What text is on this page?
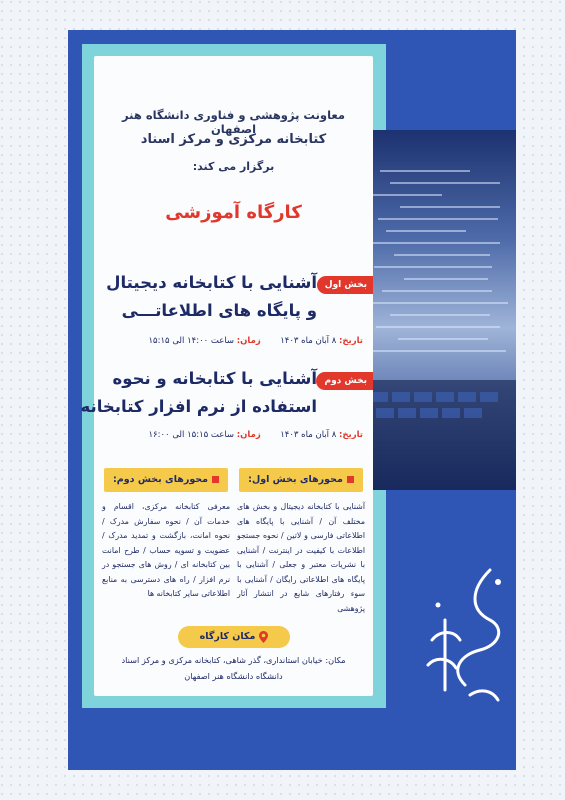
معاونت پژوهشی و فناوری دانشگاه هنر اصفهان
کتابخانه مرکزی و مرکز اسناد
برگزار می کند:
کارگاه آموزشی
بخش اول
آشنایی با کتابخانه دیجیتال
و پایگاه های اطلاعاتـــی
تاریخ: ۸ آبان ماه ۱۴۰۳  زمان: ساعت ۱۴:۰۰ الی ۱۵:۱۵
بخش دوم
آشنایی با کتابخانه و نحوه
استفاده از نرم افزار کتابخانه
تاریخ: ۸ آبان ماه ۱۴۰۳  زمان: ساعت ۱۵:۱۵ الی ۱۶:۰۰
محورهای بخش اول:
محورهای بخش دوم:
آشنایی با کتابخانه دیجیتال و بخش های مختلف آن / آشنایی با پایگاه های اطلاعاتی فارسی و لاتین / نحوه جستجو اطلاعات با کیفیت در اینترنت / آشنایی با نشریات معتبر و جعلی / آشنایی با پایگاه های اطلاعاتی رایگان / آشنایی با سوء رفتارهای شایع در انتشار آثار پژوهشی
معرفی کتابخانه مرکزی، اقسام و خدمات آن / نحوه سفارش مدرک / نحوه امانت، بازگشت و تمدید مدرک / عضویت و تسویه حساب / طرح امانت بین کتابخانه ای / روش های جستجو در نرم افزار / راه های دسترسی به منابع اطلاعاتی سایر کتابخانه ها
مکان کارگاه
مکان: خیابان استانداری، گذر شاهی، کتابخانه مرکزی و مرکز اسناد دانشگاه دانشگاه هنر اصفهان
